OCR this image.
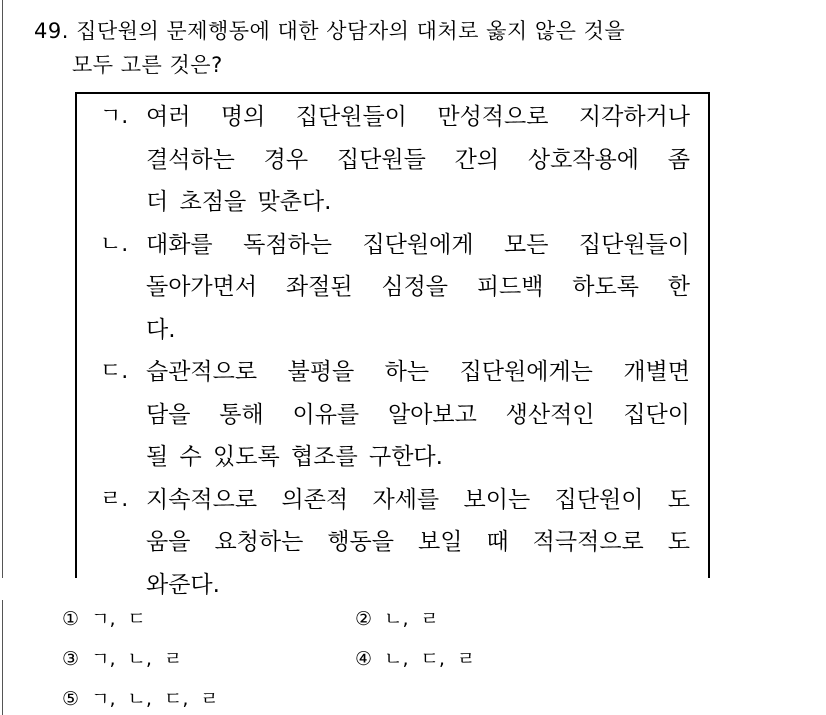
49. 집단원의 문제행동에 대한 상담자의 대처로 옳지 않은 것을
모두 고른 것은?
ㄱ. 여러 명의 집단원들이 만성적으로 지각하거나
결석하는 경우 집단원들 간의 상호작용에 좀
더 초점을 맞춘다.
ㄴ. 대화를 독점하는 집단원에게 모든 집단원들이
돌아가면서 좌절된 심정을 피드백 하도록 한
다.
ㄷ. 습관적으로 불평을 하는 집단원에게는 개별면
담을 통해 이유를 알아보고 생산적인 집단이
될 수 있도록 협조를 구한다.
ㄹ. 지속적으로 의존적 자세를 보이는 집단원이 도
움을 요청하는 행동을 보일 때 적극적으로 도
와준다.
① ㄱ, ㄷ	② ㄴ, ㄹ
③ ㄱ, ㄴ, ㄹ	④ ㄴ, ㄷ, ㄹ
⑤ ㄱ, ㄴ, ㄷ, ㄹ
